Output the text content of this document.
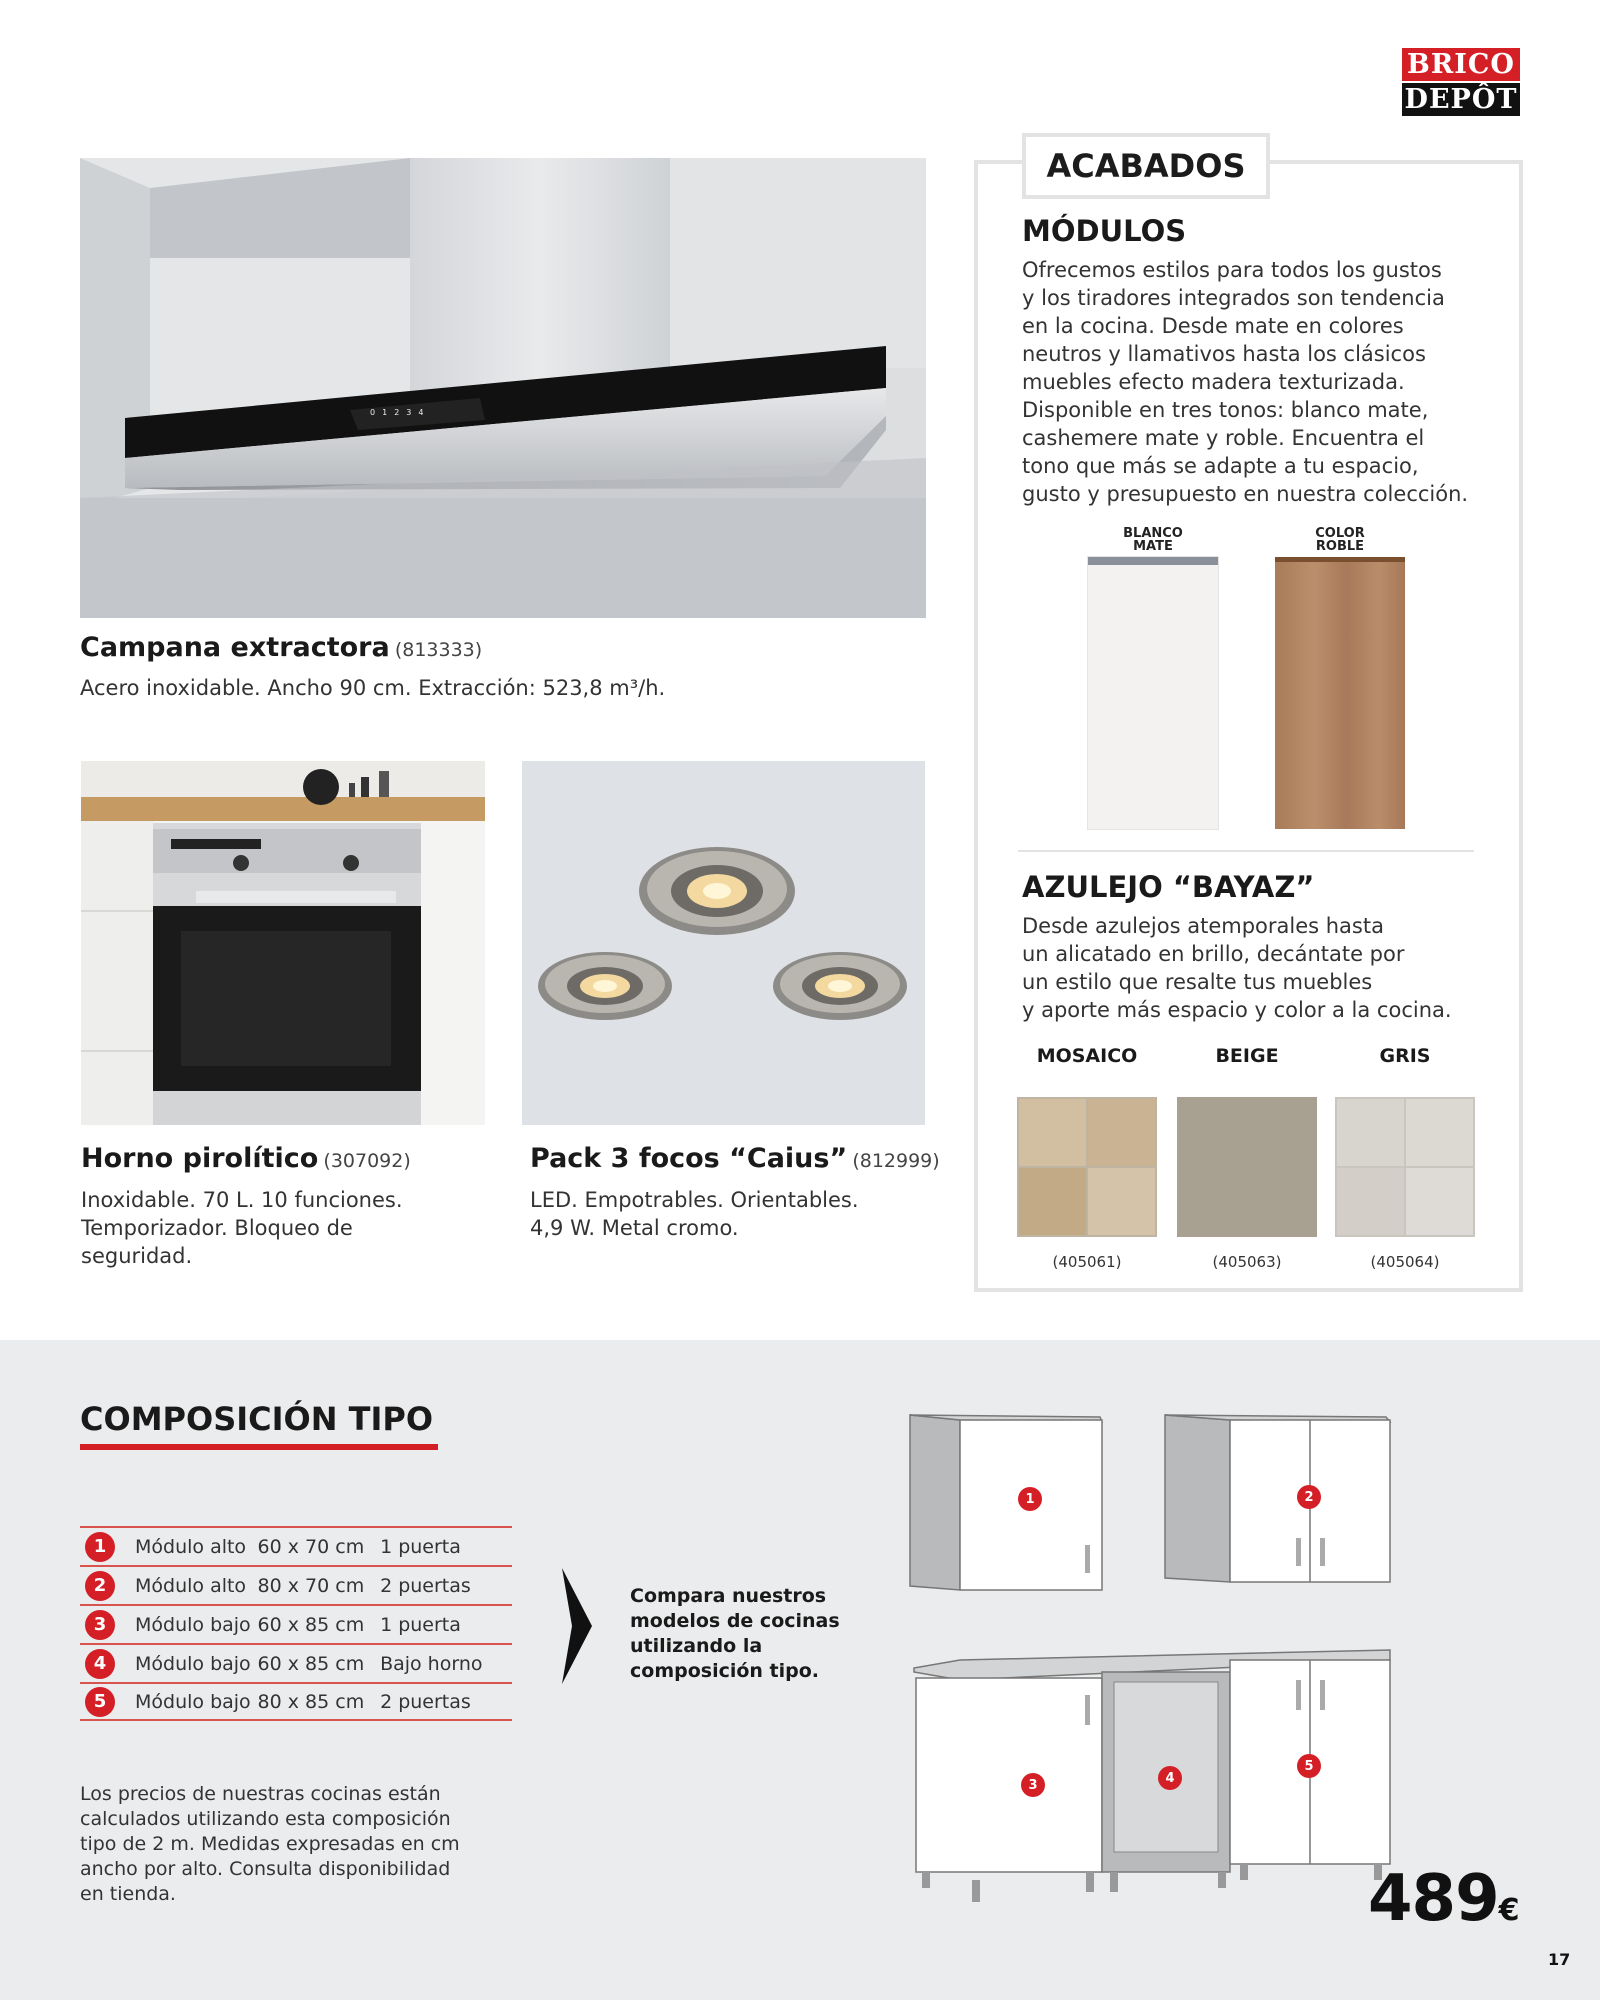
BRICO
DEPÔT
0 1 2 3 4
Campana extractora (813333)
Acero inoxidable. Ancho 90 cm. Extracción: 523,8 m³/h.
Horno pirolítico (307092)
Inoxidable. 70 L. 10 funciones.
Temporizador. Bloqueo de
seguridad.
Pack 3 focos “Caius” (812999)
LED. Empotrables. Orientables.
4,9 W. Metal cromo.
ACABADOS
MÓDULOS
Ofrecemos estilos para todos los gustos
y los tiradores integrados son tendencia
en la cocina. Desde mate en colores
neutros y llamativos hasta los clásicos
muebles efecto madera texturizada.
Disponible en tres tonos: blanco mate,
cashemere mate y roble. Encuentra el
tono que más se adapte a tu espacio,
gusto y presupuesto en nuestra colección.
BLANCO
MATE
COLOR
ROBLE
AZULEJO “BAYAZ”
Desde azulejos atemporales hasta
un alicatado en brillo, decántate por
un estilo que resalte tus muebles
y aporte más espacio y color a la cocina.
MOSAICO
(405061)
BEIGE
(405063)
GRIS
(405064)
COMPOSICIÓN TIPO
1	Módulo alto 60 x 70 cm 1 puerta
2	Módulo alto 80 x 70 cm 2 puertas
3	Módulo bajo 60 x 85 cm 1 puerta
4	Módulo bajo 60 x 85 cm Bajo horno
5	Módulo bajo 80 x 85 cm 2 puertas
Los precios de nuestras cocinas están
calculados utilizando esta composición
tipo de 2 m. Medidas expresadas en cm
ancho por alto. Consulta disponibilidad
en tienda.
Compara nuestros
modelos de cocinas
utilizando la
composición tipo.
1	2
3	4
5
489€
17
